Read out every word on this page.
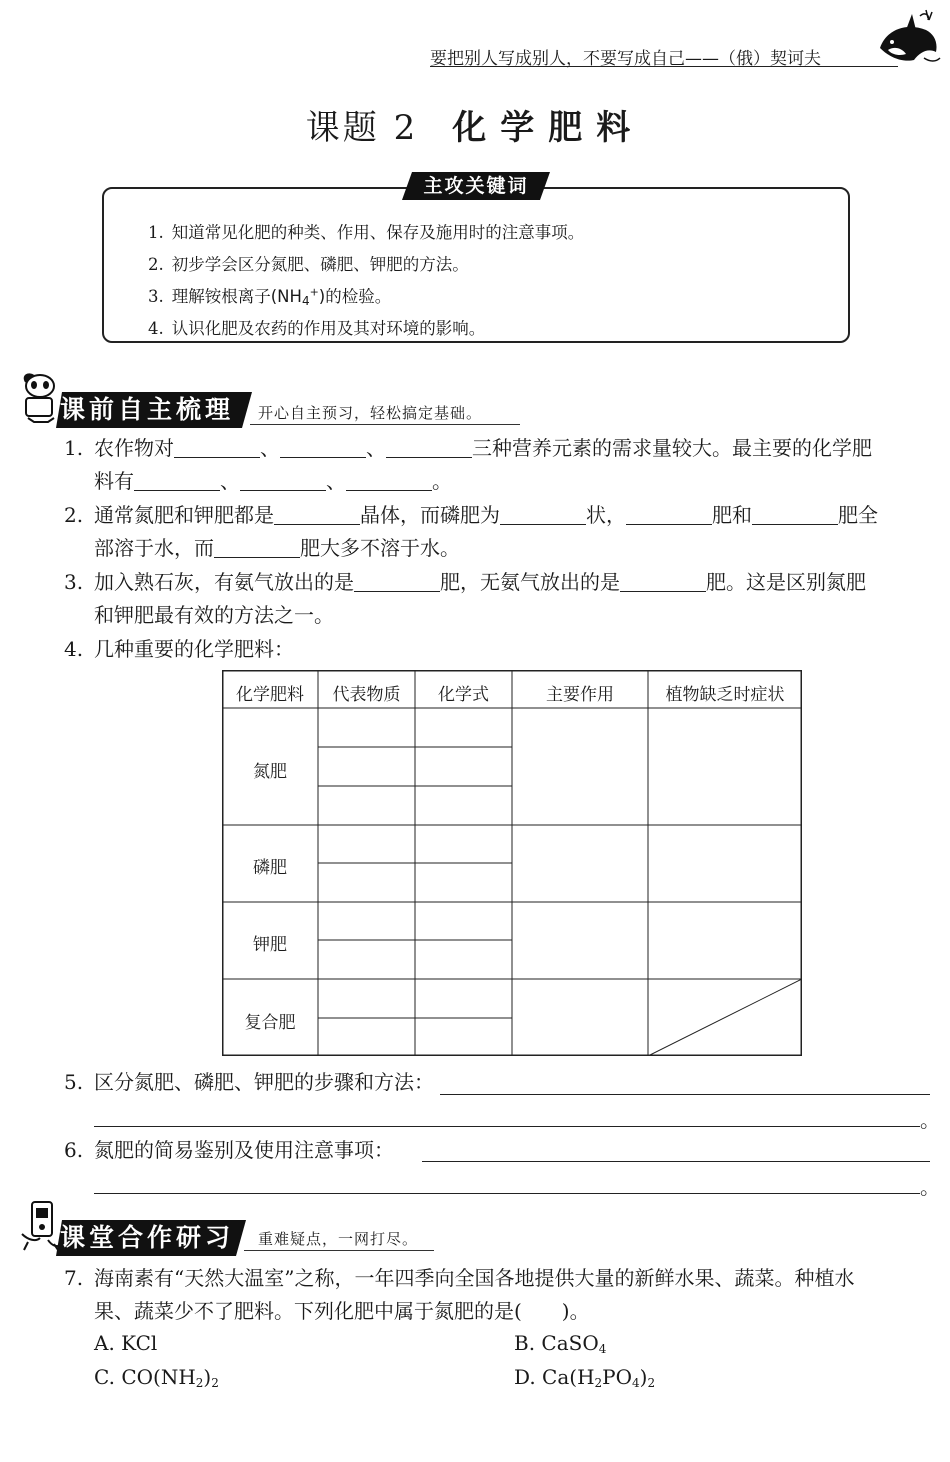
要把别人写成别人，不要写成自己——（俄）契诃夫
课题 2 化学肥料
主攻关键词
1. 知道常见化肥的种类、作用、保存及施用时的注意事项。
2. 初步学会区分氮肥、磷肥、钾肥的方法。
3. 理解铵根离子$(NH_4^+)$的检验。
4. 认识化肥及农药的作用及其对环境的影响。
课前自主梳理	开心自主预习，轻松搞定基础。
1. 农作物对	、	、	三种营养元素的需求量较大。最主要的化学肥
料有	、	、	。
2. 通常氮肥和钾肥都是	晶体，而磷肥为	状，	肥和	肥全
部溶于水，而	肥大多不溶于水。
3. 加入熟石灰，有氨气放出的是	肥，无氨气放出的是	肥。这是区别氮肥
和钾肥最有效的方法之一。
4. 几种重要的化学肥料：
化学肥料	代表物质	化学式	主要作用	植物缺乏时症状
氮肥
磷肥
钾肥
复合肥
5. 区分氮肥、磷肥、钾肥的步骤和方法：
。
6. 氮肥的简易鉴别及使用注意事项：
。
课堂合作研习	重难疑点，一网打尽。
7. 海南素有“天然大温室”之称，一年四季向全国各地提供大量的新鲜水果、蔬菜。种植水
果、蔬菜少不了肥料。下列化肥中属于氮肥的是(　　)。
A. KCl	B. CaSO$_4$
C. $CO(NH_2)_2$	D. $Ca(H_2PO_4)_2$
